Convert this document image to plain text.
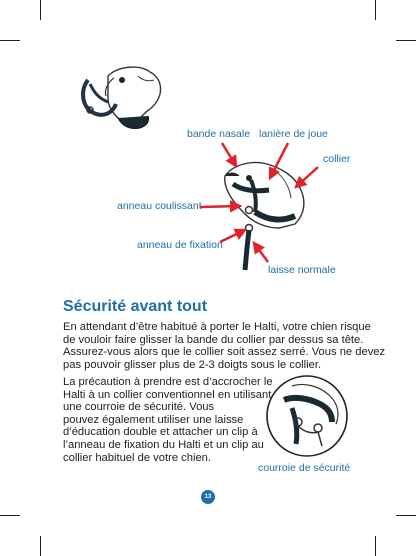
bande nasale lanière de joue
collier
anneau coulissant
anneau de fixation
laisse normale
Sécurité avant tout

En attendant d’être habitué à porter le Halti, votre chien risque
de vouloir faire glisser la bande du collier par dessus sa tête.
Assurez-vous alors que le collier soit assez serré. Vous ne devez
pas pouvoir glisser plus de 2-3 doigts sous le collier.

La précaution à prendre est d’accrocher le
Halti à un collier conventionnel en utilisant
une courroie de sécurité. Vous
pouvez également utiliser une laisse
d’éducation double et attacher un clip à
l’anneau de fixation du Halti et un clip au
collier habituel de votre chien.

courroie de sécurité
13
